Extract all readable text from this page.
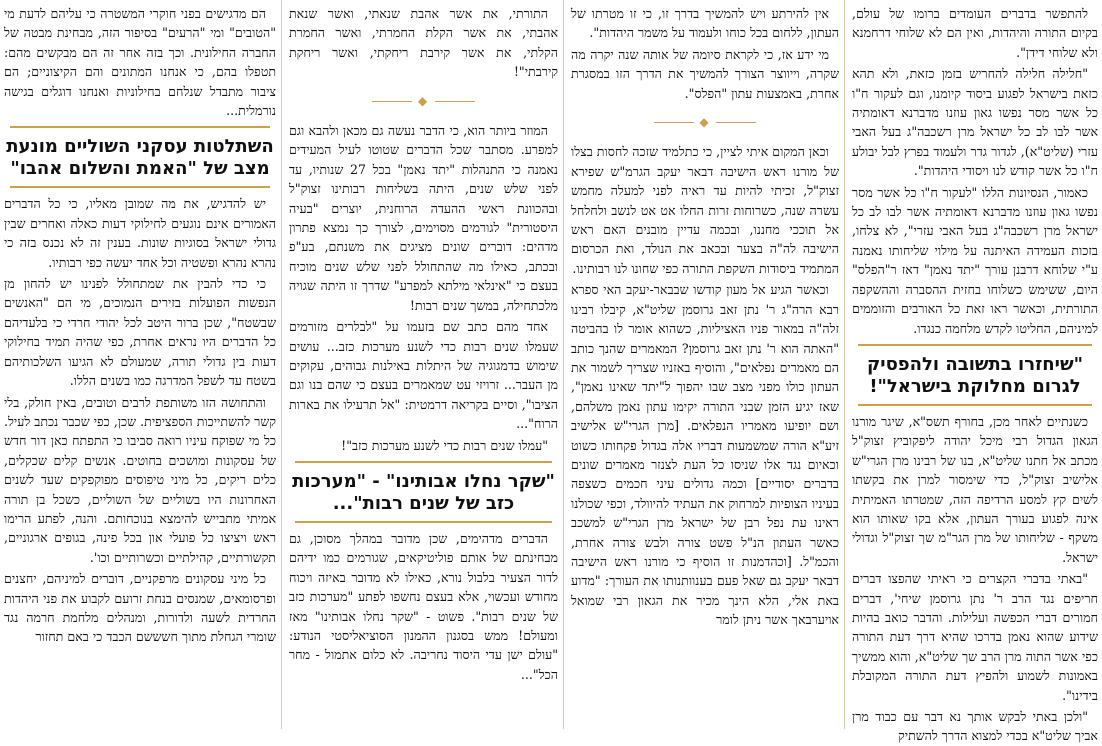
להתפשר בדברים העומדים ברומו של עולם, בקיום התורה והיהדות, ואין הם לא שלוחי דרחמנא ולא שלוחי דידן".

"חלילה חלילה להחריש בזמן כזאת, ולא תהא כזאת בישראל לפגוע ביסוד קיומנו, וגם לעקור ח"ו כל אשר מסר נפשו גאון עוזנו מדברנא דאומתיה אשר לבו לב כל ישראל מרן רשכבה"ג בעל האבי עזרי (שליט"א), לגדור גדר ולעמוד בפרץ לבל יבולע ח"ו כל אשר קודש לנו ויסודי היהדות".

כאמור, הנסיונות הללו "לעקור ח"ו כל אשר מסר נפשו גאון עוזנו מדברנא דאומתיה אשר לבו לב כל ישראל מרן רשכבה"ג בעל האבי עזרי", לא צלחו, בזכות העמידה האיתנה על מילוי שליחותו נאמנה ע"י שלוחא דרבנן עורך "יתד נאמן" דאז ר"הפלס" היום, ששימש כשלוחו בחזית ההסברה וההשקפה התורתית, וכאשר ראו זאת כל האורבים והזוממים למיניהם, החליטו לקדש מלחמה כנגדו.

"שיחזרו בתשובה ולהפסיק לגרום מחלוקת בישראל"!

כשנתיים לאחר מכן, בחורף תשס"א, שיגר מורנו הגאון הגדול רבי מיכל יהודה ליפקוביץ זצוק"ל מכתב אל חתנו שליט"א, בנו של רבינו מרן הגרי"ש אלישיב זצוק"ל, כדי שימסור למרן את בקשתו לשים קץ למסע הרדיפה הזה, שמטרתו האמיתית אינה לפגוע בעורך העתון, אלא בקו שאותו הוא משקף - שליחותו של מרן הגר"מ שך זצוק"ל וגדולי ישראל.

"באתי בדברי הקצרים כי ראיתי שהפצו דברים חריפים נגד הרב ר' נתן גרוסמן שיחי', דברים חמורים דברי הכפשה ועלילות. והדבר כואב בהיות שידוע שהוא נאמן בדרכו שהיא דרך דעת התורה כפי אשר התוה מרן הרב שך שליט"א, והוא ממשיך באמונות לשמוע ולהפיץ דעת התורה המקובלת בידינו".

"ולכן באתי לבקש אותך נא דבר עם כבוד מרן אביך שליט"א בכדי למצוא הדרך להשתיק

אין להירתע ויש להמשיך בדרך זו, כי זו מטרתו של העתון, ללחום בכל כוחו ולעמוד על משמר היהדות".

מי ידע אז, כי לקראת סיומה של אותה שנה יקרה מה שקרה, וייווצר הצורך להמשיך את הדרך הזו במסגרת אחרת, באמצעות עתון "הפלס".

◆

וכאן המקום איתי לציין, כי כתלמיד שזכה לחסות בצלו של מורנו ראש הישיבה דבאר יעקב הגרמ"ש שפירא זצוק"ל, זכיתי להיות עד ראיה לפני למעלה מחמש עשרה שנה, כשרוחות זרות החלו אט אט לנשב ולחלחל אל תוככי מחננו, ובכמה עדיין מובנים האם ראש הישיבה לה"ה בצער ובכאב את הנולד, ואת הכרסום המתמיד ביסודות השקפת התורה כפי שחונו לנו רבותינו.

וכאשר הגיע אל מעון קודשו שבבאר-יעקב האי ספרא רבא הרה"ג ר' נתן זאב גרוסמן שליט"א, קיבלו רבינו זלה"ה במאור פניו האציליות, כשהוא אומר לו בהביטה "האתה הוא ר' נתן זאב גרוסמן? המאמרים שהנך כותב הם מאמרים נפלאים", והוסיף באזניו שצריך לשמור את העתון כולו מפני מצב שבו יהפוך ל"יתד שאינו נאמן", שאז יגיע הזמן שבני התורה יקימו עתון נאמן משלהם, ושם יופיעו מאמריו הנפלאים. [מרן הגרי"ש אלישיב זיע"א הורה שמשמעות דבריו אלה בגדול פקחותו כשוט וכאיום נגד אלו שניסו כל העת לצנזר מאמרים שונים בדברים יסודיים] וכמה גדולים עיני חכמים כשצפה בעיניו הצופיות למרחוק את העתיד להיוולד, וכפי שכולנו ראינו עת נפל רבן של ישראל מרן הגרי"ש למשכב כאשר העתון הנ"ל פשט צורה ולבש צורה אחרת, והכמ"ל. [וכהדמנות זו הוסיף כי מורנו ראש הישיבה דבאר יעקב גם שאל פעם בענוותנותו את העורך: "מדוע באת אלי, הלא הינך מכיר את הגאון רבי שמואל אויערבאך אשר ניתן לומר

התורתי, את אשר אהבת שנאתי, ואשר שנאת אהבתי, את אשר הקלת החמרתי, ואשר החמרת הקלתי, את אשר קירבת ריחקתי, ואשר ריחקת קירבתי"!

◆

המוזר ביותר הוא, כי הדבר נעשה גם מכאן ולהבא וגם למפרע. מסתבר שכל הדברים שטוטו לעיל המעידים נאמנה כי התנהלות "יתד נאמן" בכל 27 שנותיו, עד לפני שלש שנים, היתה בשליחות רבותינו זצוק"ל ובהכוונת ראשי ההעדה הרוחנית, יוצרים "בעיה היסטורית" לגורמים מסוימים, לצורך כך נמצא פתרון מדהים: דוברים שונים מציגים את משנתם, בע"פ ובכתב, כאילו מה שהתחולל לפני שלש שנים מוכיח בעצם כי "אינלאי מילתא למפרע" שדרך זו היתה שגויה מלכתחילה, במשך שנים רבות!

אחד מהם כתב שם בזעמו על "לבלרים מזורמים שעמלו שנים רבות כדי לשנע מערכות כזב... עושים שימוש בדמגוגיה של היתלות באילנות גבוהים, עקוקים מן העבר... זרויזי עט שמאמרים בעצם כי שהם בנו וגם הציבו", וסיים בקריאה דרמטית: "אל תרעילו את בארות הרוח"...

"עמלו שנים רבות כדי לשנע מערכות כזב"!

"שקר נחלו אבותינו" - "מערכות כזב של שנים רבות"...

הדברים מדהימים, שכן מדובר במהלך מסוכן, גם מבחינתם של אותם פוליטיקאים, שגורמים כמו ידיהם לדור הצעיר בלבול נורא, כאילו לא מדובר באיזה ויכוח מחודש ועכשוי, אלא בעצם נחשפו לפתע "מערכות כזב של שנים רבות". פשוט - "שקר נחלו אבותינו" מאז ומעולם! ממש בסגנון ההמנון הסוציאליסטי הנודע: "עולם ישן עדי היסוד נחריבה. לא כלום אתמול - מחר הכל"...

הם מדגישים בפני חוקרי המשטרה כי עליהם לדעת מי "הטובים" ומי "הרעים" בסיפור הזה, מבחינת מבטה של החברה החילונית. וכך בזה אחר זה הם מבקשים מהם: תטפלו בהם, כי אנחנו המתונים והם הקיצוניים; הם ציבור מתבדל שנלחם בחילוניות ואנחנו דוגלים בגישה נורמלית...

השתלטות עסקני השוליים מונעת מצב של "האמת והשלום אהבו"

יש להדגיש, את מה שמובן מאליו, כי כל הדברים האמורים אינם נוגעים לחילוקי דעות כאלה ואחרים שבין גדולי ישראל בסוגיות שונות. בענין זה לא נכנס בזה כי נהרא נהרא ופשטיה וכל אחד יעשה כפי רבותיו.

כי כדי להבין את שמתחולל לפנינו יש להחון מן הנפשות הפועלות בזירים הנמוכים, מי הם "האנשים שבשטח", שכן ברור היטב לכל יהודי חרדי כי בלעדיהם כל הדברים היו נראים אחרת, כפי שהיה תמיד בחילוקי דעות בין גדולי תורה, שמעולם לא הגיעו השלכותיהם בשטח עד לשפל המדרגה כמו בשנים הללו.

והתחושה הזו משותפת לרבים וטובים, באין חולק, בלי קשר להשתייכות הספציפית. שכן, כפי שכבר נכתב לעיל. כל מי שפוקח עיניו רואה סביבו כי התפתח כאן דור חדש של עסקונות ומושכים בחוטים. אנשים קלים שכקלים, כלים ריקים, כל מיני טיפוסים מפוקפקים שעד לשנים האחרונות היו בשוליים של השוליים, כשכל בן תורה אמיתי מתבייש להימצא בנוכחותם. והנה, לפתע הרימו ראש ויציצו כל פועלי און בכל פינה, בגופים ארגוניים, תקשורתיים, קהילתיים וכשרותיים וכו'.

כל מיני עסקונים מרפקניים, דוברים למיניהם, יחצנים ופרסומאים, שמנסים בנחת זרועם לקבוע את פני היהדות החרדית לשעה ולדורות, ומנהלים מלחמת חרמה נגד שומרי הגחלת מתוך חשששם הכבד כי באם תחזור
